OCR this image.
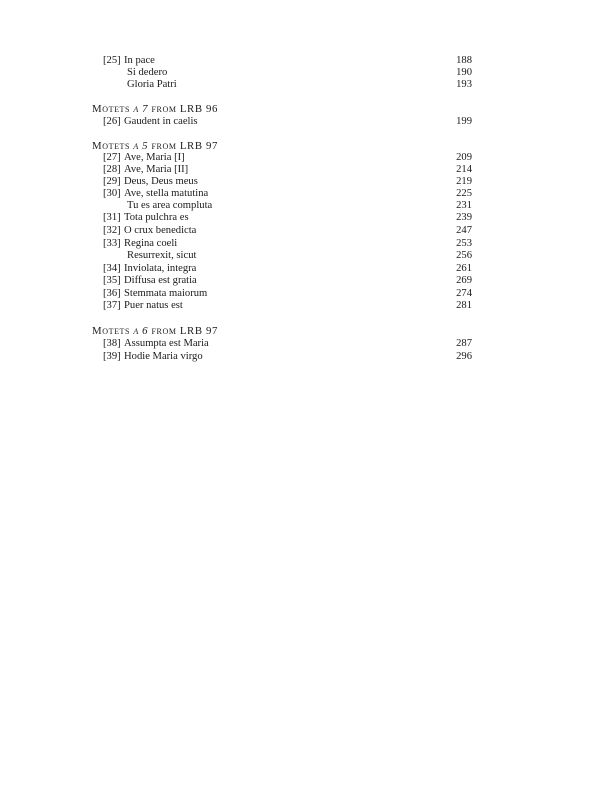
[25] In pace	188
Si dedero	190
Gloria Patri	193
Motets a 7 from LRB 96
[26] Gaudent in caelis	199
Motets a 5 from LRB 97
[27] Ave, Maria [I]	209
[28] Ave, Maria [II]	214
[29] Deus, Deus meus	219
[30] Ave, stella matutina	225
Tu es area compluta	231
[31] Tota pulchra es	239
[32] O crux benedicta	247
[33] Regina coeli	253
Resurrexit, sicut	256
[34] Inviolata, integra	261
[35] Diffusa est gratia	269
[36] Stemmata maiorum	274
[37] Puer natus est	281
Motets a 6 from LRB 97
[38] Assumpta est Maria	287
[39] Hodie Maria virgo	296
